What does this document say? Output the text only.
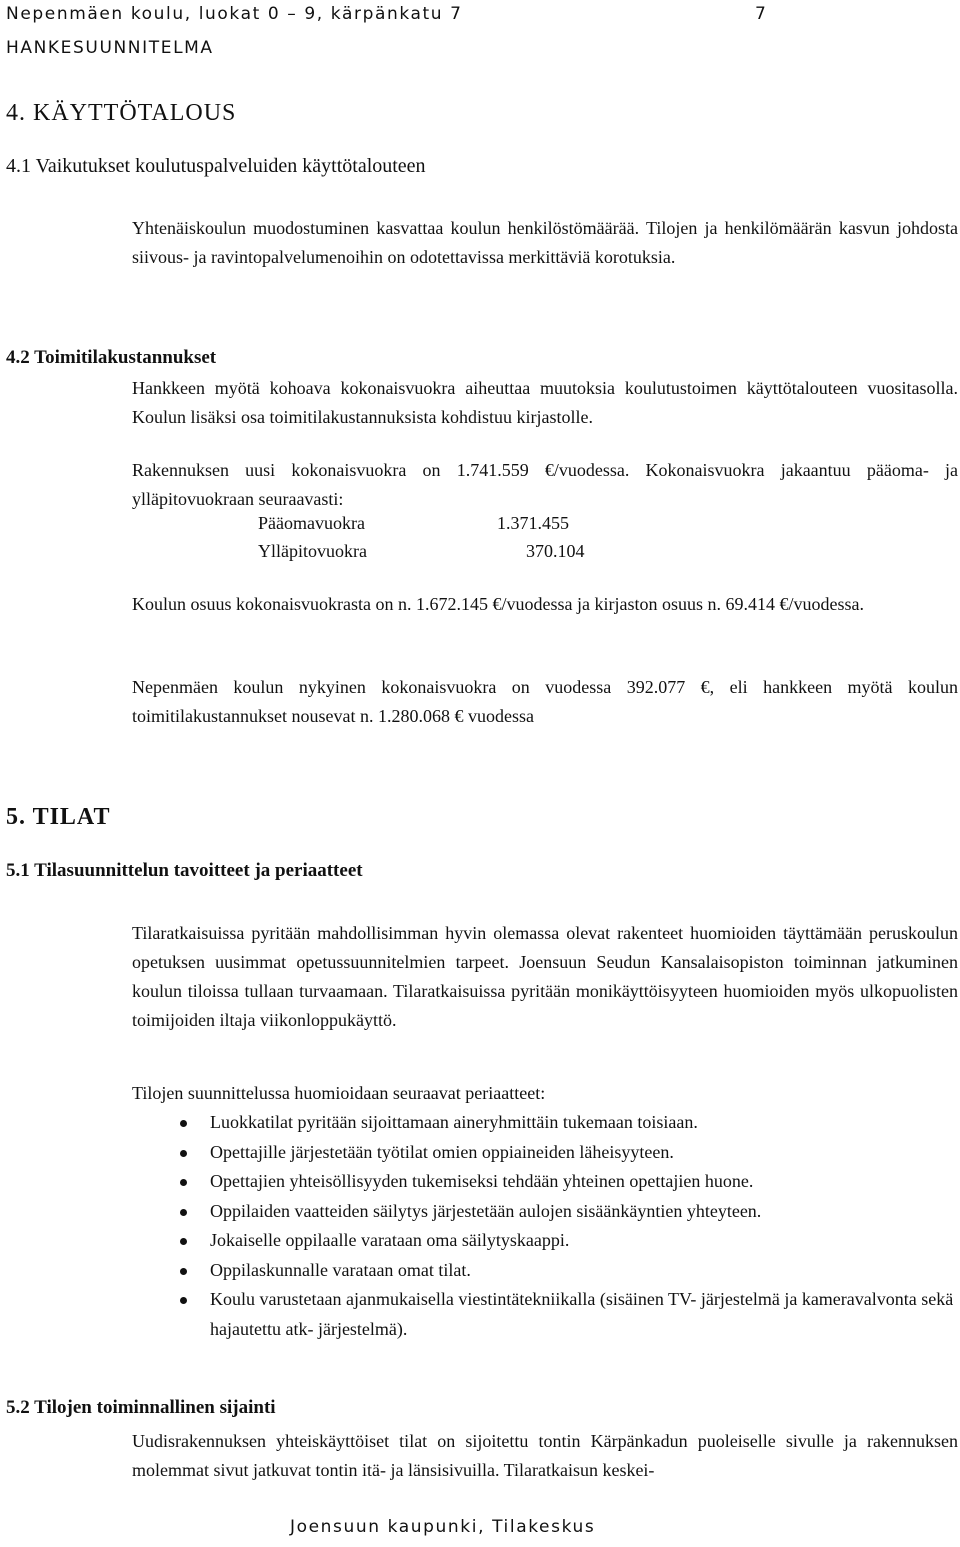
Nepenmäen koulu, luokat 0 – 9, kärpänkatu 7	7
HANKESUUNNITELMA
4. KÄYTTÖTALOUS
4.1 Vaikutukset koulutuspalveluiden käyttötalouteen
Yhtenäiskoulun muodostuminen kasvattaa koulun henkilöstömäärää. Tilojen ja henkilömäärän kasvun johdosta siivous- ja ravintopalvelumenoihin on odotettavissa merkittäviä korotuksia.
4.2 Toimitilakustannukset
Hankkeen myötä kohoava kokonaisvuokra aiheuttaa muutoksia koulutustoimen käyttötalouteen vuositasolla. Koulun lisäksi osa toimitilakustannuksista kohdistuu kirjastolle.
Rakennuksen uusi kokonaisvuokra on 1.741.559 €/vuodessa. Kokonaisvuokra jakaantuu pääoma- ja ylläpitovuokraan seuraavasti:
Pääomavuokra	1.371.455
Ylläpitovuokra	370.104
Koulun osuus kokonaisvuokrasta on n. 1.672.145 €/vuodessa ja kirjaston osuus n. 69.414 €/vuodessa.
Nepenmäen koulun nykyinen kokonaisvuokra on vuodessa 392.077 €, eli hankkeen myötä koulun toimitilakustannukset nousevat n. 1.280.068 € vuodessa
5. TILAT
5.1 Tilasuunnittelun tavoitteet ja periaatteet
Tilaratkaisuissa pyritään mahdollisimman hyvin olemassa olevat rakenteet huomioiden täyttämään peruskoulun opetuksen uusimmat opetussuunnitelmien tarpeet. Joensuun Seudun Kansalaisopiston toiminnan jatkuminen koulun tiloissa tullaan turvaamaan. Tilaratkaisuissa pyritään monikäyttöisyyteen huomioiden myös ulkopuolisten toimijoiden iltaja viikonloppukäyttö.
Tilojen suunnittelussa huomioidaan seuraavat periaatteet:
Luokkatilat pyritään sijoittamaan aineryhmittäin tukemaan toisiaan.
Opettajille järjestetään työtilat omien oppiaineiden läheisyyteen.
Opettajien yhteisöllisyyden tukemiseksi tehdään yhteinen opettajien huone.
Oppilaiden vaatteiden säilytys järjestetään aulojen sisäänkäyntien yhteyteen.
Jokaiselle oppilaalle varataan oma säilytyskaappi.
Oppilaskunnalle varataan omat tilat.
Koulu varustetaan ajanmukaisella viestintätekniikalla (sisäinen TV- järjestelmä ja kameravalvonta sekä hajautettu atk- järjestelmä).
5.2 Tilojen toiminnallinen sijainti
Uudisrakennuksen yhteiskäyttöiset tilat on sijoitettu tontin Kärpänkadun puoleiselle sivulle ja rakennuksen molemmat sivut jatkuvat tontin itä- ja länsisivuilla. Tilaratkaisun keskei-
Joensuun kaupunki, Tilakeskus
